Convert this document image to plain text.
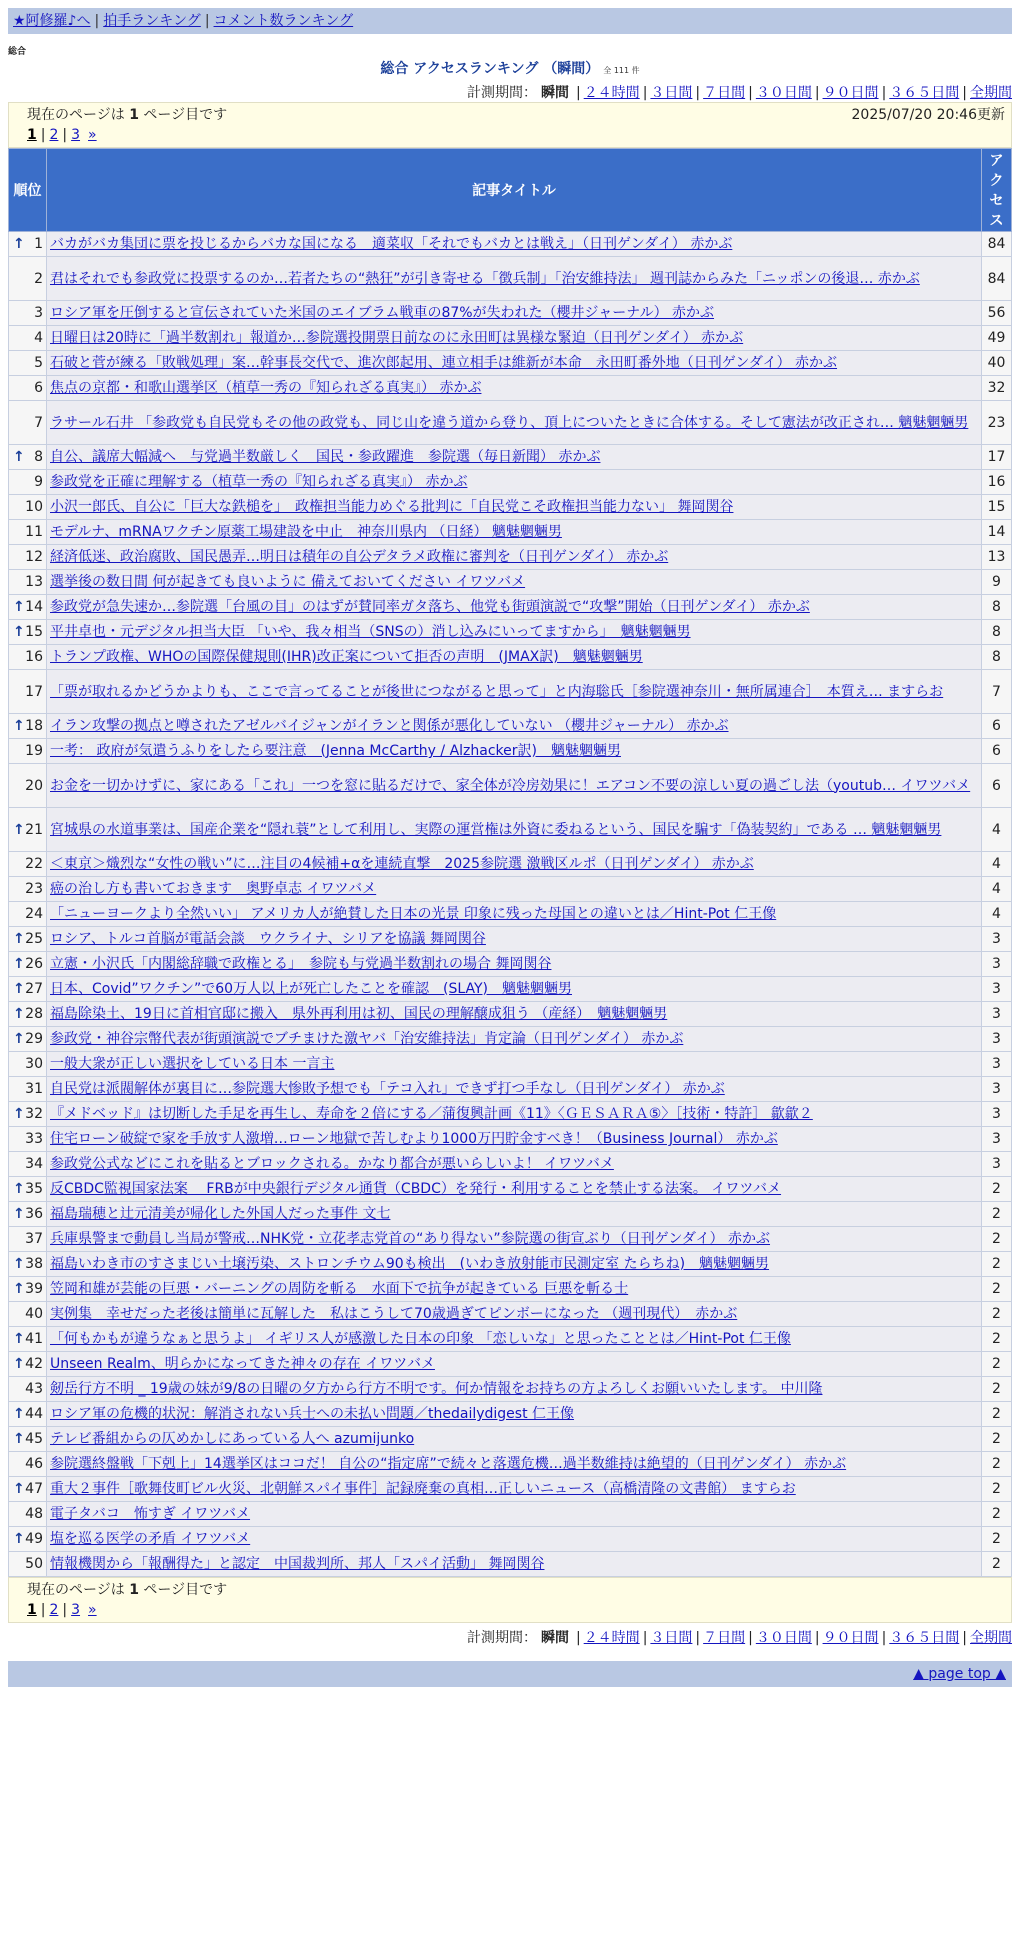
★阿修羅♪へ | 拍手ランキング | コメント数ランキング
総合
総合 アクセスランキング （瞬間） 全 111 件
計測期間： 瞬間 | ２４時間 | ３日間 | ７日間 | ３０日間 | ９０日間 | ３６５日間 | 全期間
現在のページは 1 ページ目です	2025/07/20 20:46更新
1 | 2 | 3 »
順位	記事タイトル	アクセス

↑ 1	バカがバカ集団に票を投じるからバカな国になる　適菜収「それでもバカとは戦え」（日刊ゲンダイ） 赤かぶ	84
2	君はそれでも参政党に投票するのか…若者たちの“熱狂”が引き寄せる「徴兵制」「治安維持法」 週刊誌からみた「ニッポンの後退… 赤かぶ	84
3	ロシア軍を圧倒すると宣伝されていた米国のエイブラム戦車の87%が失われた（櫻井ジャーナル） 赤かぶ	56
4	日曜日は20時に「過半数割れ」報道か…参院選投開票日前なのに永田町は異様な緊迫（日刊ゲンダイ） 赤かぶ	49
5	石破と菅が練る「敗戦処理」案…幹事長交代で、進次郎起用、連立相手は維新が本命　永田町番外地（日刊ゲンダイ） 赤かぶ	40
6	焦点の京都・和歌山選挙区（植草一秀の『知られざる真実』） 赤かぶ	32
7	ラサール石井 「参政党も自民党もその他の政党も、同じ山を違う道から登り、頂上についたときに合体する。そして憲法が改正され… 魑魅魍魎男	23

↑ 8	自公、議席大幅減へ　与党過半数厳しく　国民・参政躍進　参院選（毎日新聞） 赤かぶ	17
9	参政党を正確に理解する（植草一秀の『知られざる真実』） 赤かぶ	16
10	小沢一郎氏、自公に「巨大な鉄槌を」　政権担当能力めぐる批判に「自民党こそ政権担当能力ない」 舞岡関谷	15
11	モデルナ、mRNAワクチン原薬工場建設を中止　神奈川県内 （日経） 魑魅魍魎男	14
12	経済低迷、政治腐敗、国民愚弄…明日は積年の自公デタラメ政権に審判を（日刊ゲンダイ） 赤かぶ	13
13	選挙後の数日間 何が起きても良いように 備えておいてください イワツバメ	9

↑ 14	参政党が急失速か…参院選「台風の目」のはずが賛同率ガタ落ち、他党も街頭演説で“攻撃”開始（日刊ゲンダイ） 赤かぶ	8

↑ 15	平井卓也・元デジタル担当大臣 「いや、我々相当（SNSの）消し込みにいってますから」　魑魅魍魎男	8
16	トランプ政権、WHOの国際保健規則(IHR)改正案について拒否の声明　(JMAX訳)　魑魅魍魎男	8
17	「票が取れるかどうかよりも、ここで言ってることが後世につながると思って」と内海聡氏［参院選神奈川・無所属連合］　本質え… ますらお	7

↑ 18	イラン攻撃の拠点と噂されたアゼルバイジャンがイランと関係が悪化していない （櫻井ジャーナル） 赤かぶ	6
19	一考： 政府が気遣うふりをしたら要注意　(Jenna McCarthy / Alzhacker訳)　魑魅魍魎男	6
20	お金を一切かけずに、家にある「これ」一つを窓に貼るだけで、家全体が冷房効果に！エアコン不要の涼しい夏の過ごし法（youtub… イワツバメ	6

↑ 21	宮城県の水道事業は、国産企業を“隠れ蓑”として利用し、実際の運営権は外資に委ねるという、国民を騙す「偽装契約」である … 魑魅魍魎男	4
22	＜東京＞熾烈な“女性の戦い”に…注目の4候補+αを連続直撃　2025参院選 激戦区ルポ（日刊ゲンダイ） 赤かぶ	4
23	癌の治し方も書いておきます　奥野卓志 イワツバメ	4
24	「ニューヨークより全然いい」 アメリカ人が絶賛した日本の光景 印象に残った母国との違いとは／Hint-Pot 仁王像	4

↑ 25	ロシア、トルコ首脳が電話会談　ウクライナ、シリアを協議 舞岡関谷	3

↑ 26	立憲・小沢氏「内閣総辞職で政権とる」　参院も与党過半数割れの場合 舞岡関谷	3

↑ 27	日本、Covid”ワクチン”で60万人以上が死亡したことを確認　(SLAY)　魑魅魍魎男	3

↑ 28	福島除染土、19日に首相官邸に搬入　県外再利用は初、国民の理解醸成狙う （産経）　魑魅魍魎男	3

↑ 29	参政党・神谷宗幣代表が街頭演説でブチまけた激ヤバ「治安維持法」肯定論（日刊ゲンダイ） 赤かぶ	3
30	一般大衆が正しい選択をしている日本 一言主	3
31	自民党は派閥解体が裏目に…参院選大惨敗予想でも「テコ入れ」できず打つ手なし（日刊ゲンダイ） 赤かぶ	3

↑ 32	『メドベッド』は切断した手足を再生し、寿命を２倍にする／蒲復興計画《11》〈ＧＥＳＡＲＡ⑤〉［技術・特許］ 歙歙２	3
33	住宅ローン破綻で家を手放す人激増…ローン地獄で苦しむより1000万円貯金すべき！（Business Journal） 赤かぶ	3
34	参政党公式などにこれを貼るとブロックされる。かなり都合が悪いらしいよ！ イワツバメ	3

↑ 35	反CBDC監視国家法案　 FRBが中央銀行デジタル通貨（CBDC）を発行・利用することを禁止する法案。 イワツバメ	2

↑ 36	福島瑞穂と辻元清美が帰化した外国人だった事件 文七	2
37	兵庫県警まで動員し当局が警戒…NHK党・立花孝志党首の“あり得ない”参院選の街宣ぶり（日刊ゲンダイ） 赤かぶ	2

↑ 38	福島いわき市のすさまじい土壌汚染、ストロンチウム90も検出　(いわき放射能市民測定室 たらちね)　魑魅魍魎男	2

↑ 39	笠岡和雄が芸能の巨悪・バーニングの周防を斬る　水面下で抗争が起きている 巨悪を斬る士	2
40	実例集　幸せだった老後は簡単に瓦解した　私はこうして70歳過ぎてピンボーになった （週刊現代）　赤かぶ	2

↑ 41	「何もかもが違うなぁと思うよ」 イギリス人が感激した日本の印象 「恋しいな」と思ったこととは／Hint-Pot 仁王像	2

↑ 42	Unseen Realm、明らかになってきた神々の存在 イワツバメ	2
43	剱岳行方不明 _ 19歳の妹が9/8の日曜の夕方から行方不明です。何か情報をお持ちの方よろしくお願いいたします。 中川隆	2

↑ 44	ロシア軍の危機的状況：解消されない兵士への未払い問題／thedailydigest 仁王像	2

↑ 45	テレビ番組からの仄めかしにあっている人へ azumijunko	2
46	参院選終盤戦「下剋上」14選挙区はココだ！ 自公の“指定席”で続々と落選危機…過半数維持は絶望的（日刊ゲンダイ） 赤かぶ	2

↑ 47	重大２事件［歌舞伎町ビル火災、北朝鮮スパイ事件］記録廃棄の真相…正しいニュース（高橋清隆の文書館） ますらお	2
48	電子タバコ　怖すぎ イワツバメ	2

↑ 49	塩を巡る医学の矛盾 イワツバメ	2
50	情報機関から「報酬得た」と認定　中国裁判所、邦人「スパイ活動」 舞岡関谷	2
現在のページは 1 ページ目です
1 | 2 | 3 »
計測期間： 瞬間 | ２４時間 | ３日間 | ７日間 | ３０日間 | ９０日間 | ３６５日間 | 全期間
▲ page top ▲
